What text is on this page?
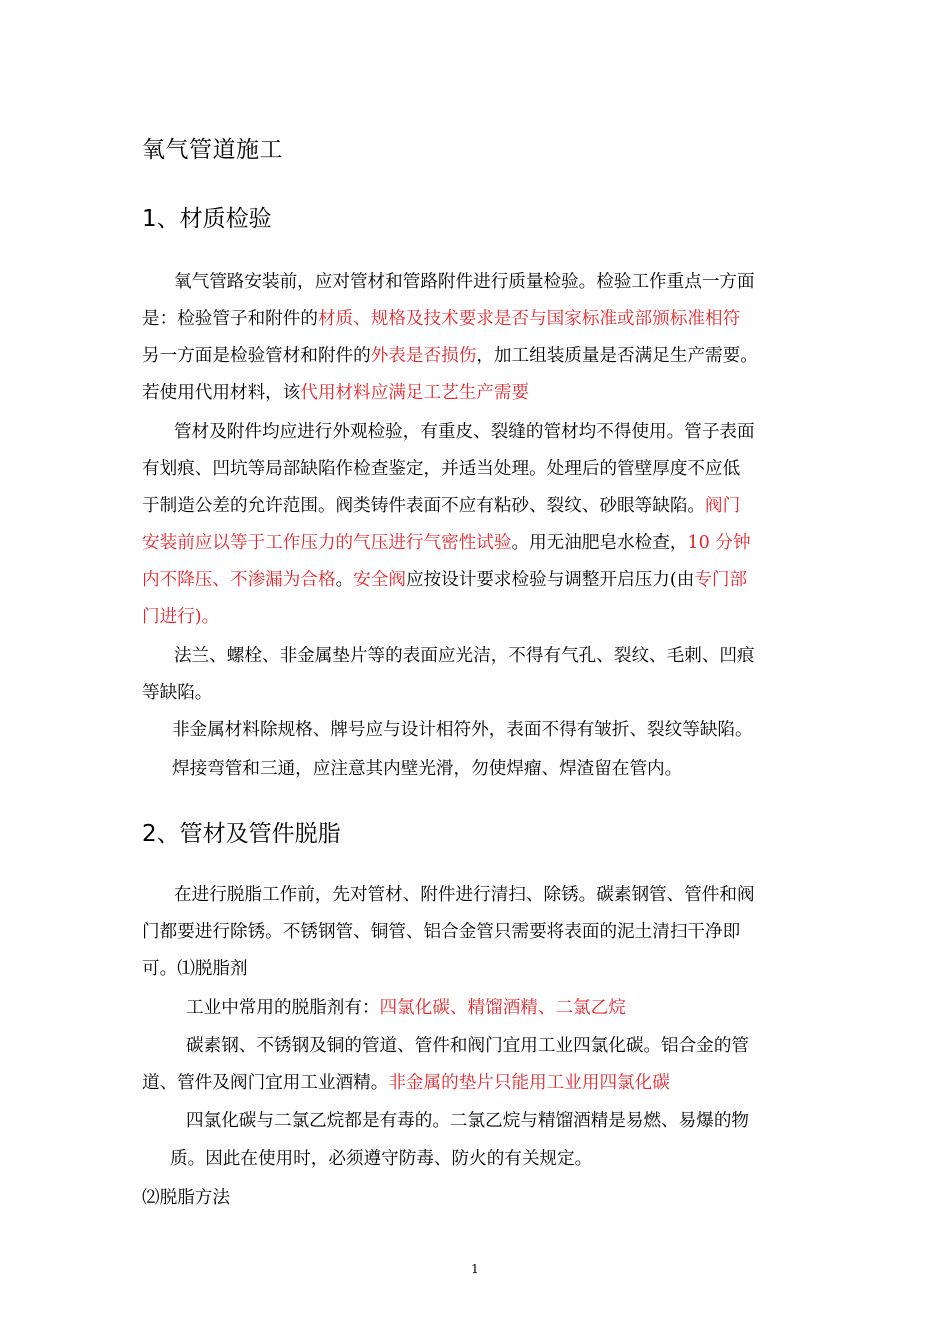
氧气管道施工
1、材质检验
氧气管路安装前，应对管材和管路附件进行质量检验。检验工作重点一方面
是：检验管子和附件的材质、规格及技术要求是否与国家标准或部颁标准相符
另一方面是检验管材和附件的外表是否损伤，加工组装质量是否满足生产需要。
若使用代用材料，该代用材料应满足工艺生产需要
管材及附件均应进行外观检验，有重皮、裂缝的管材均不得使用。管子表面
有划痕、凹坑等局部缺陷作检查鉴定，并适当处理。处理后的管壁厚度不应低
于制造公差的允许范围。阀类铸件表面不应有粘砂、裂纹、砂眼等缺陷。阀门
安装前应以等于工作压力的气压进行气密性试验。用无油肥皂水检查，10 分钟
内不降压、不渗漏为合格。安全阀应按设计要求检验与调整开启压力(由专门部
门进行)。
法兰、螺栓、非金属垫片等的表面应光洁，不得有气孔、裂纹、毛刺、凹痕
等缺陷。
非金属材料除规格、牌号应与设计相符外，表面不得有皱折、裂纹等缺陷。
焊接弯管和三通，应注意其内壁光滑，勿使焊瘤、焊渣留在管内。
2、管材及管件脱脂
在进行脱脂工作前，先对管材、附件进行清扫、除锈。碳素钢管、管件和阀
门都要进行除锈。不锈钢管、铜管、铝合金管只需要将表面的泥土清扫干净即
可。⑴脱脂剂
工业中常用的脱脂剂有：四氯化碳、精馏酒精、二氯乙烷
碳素钢、不锈钢及铜的管道、管件和阀门宜用工业四氯化碳。铝合金的管
道、管件及阀门宜用工业酒精。非金属的垫片只能用工业用四氯化碳
四氯化碳与二氯乙烷都是有毒的。二氯乙烷与精馏酒精是易燃、易爆的物
质。因此在使用时，必须遵守防毒、防火的有关规定。
⑵脱脂方法
1
